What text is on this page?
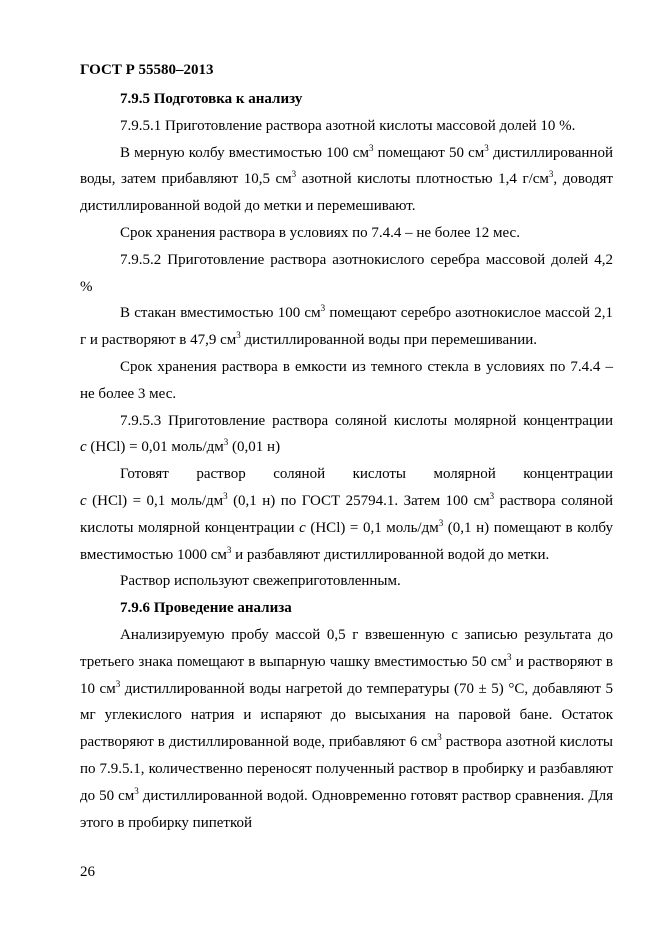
ГОСТ Р 55580–2013

7.9.5 Подготовка к анализу

7.9.5.1 Приготовление раствора азотной кислоты массовой долей 10 %.

В мерную колбу вместимостью 100 $см^3$ помещают 50 $см^3$ дистиллированной воды, затем прибавляют 10,5 $см^3$ азотной кислоты плотностью 1,4 $г/см^3$, доводят дистиллированной водой до метки и перемешивают.

Срок хранения раствора в условиях по 7.4.4 – не более 12 мес.

7.9.5.2 Приготовление раствора азотнокислого серебра массовой долей 4,2 %

В стакан вместимостью 100 $см^3$ помещают серебро азотнокислое массой 2,1 г и растворяют в 47,9 $см^3$ дистиллированной воды при перемешивании.

Срок хранения раствора в емкости из темного стекла в условиях по 7.4.4 – не более 3 мес.

7.9.5.3 Приготовление раствора соляной кислоты молярной концентрации c (HCl) = 0,01 моль/$дм^3$ (0,01 н)

Готовят раствор соляной кислоты молярной концентрации c (HCl) = 0,1 моль/$дм^3$ (0,1 н) по ГОСТ 25794.1. Затем 100 $см^3$ раствора соляной кислоты молярной концентрации c (HCl) = 0,1 моль/$дм^3$ (0,1 н) помещают в колбу вместимостью 1000 $см^3$ и разбавляют дистиллированной водой до метки.

Раствор используют свежеприготовленным.

7.9.6 Проведение анализа

Анализируемую пробу массой 0,5 г взвешенную с записью результата до третьего знака помещают в выпарную чашку вместимостью 50 $см^3$ и растворяют в 10 $см^3$ дистиллированной воды нагретой до температуры (70 ± 5) °С, добавляют 5 мг углекислого натрия и испаряют до высыхания на паровой бане. Остаток растворяют в дистиллированной воде, прибавляют 6 $см^3$ раствора азотной кислоты по 7.9.5.1, количественно переносят полученный раствор в пробирку и разбавляют до 50 $см^3$ дистиллированной водой. Одновременно готовят раствор сравнения. Для этого в пробирку пипеткой

26
